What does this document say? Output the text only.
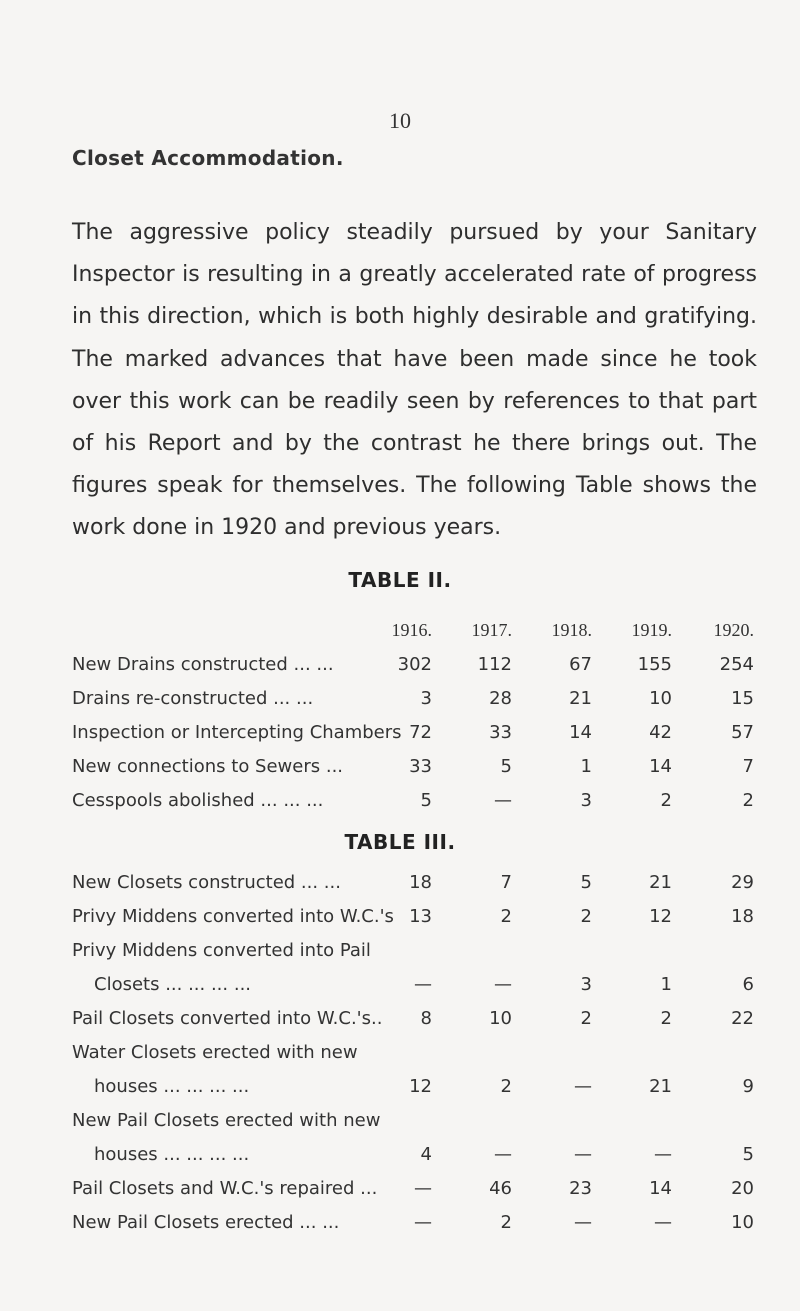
10
Closet Accommodation.

The aggressive policy steadily pursued by your Sanitary Inspector is resulting in a greatly accelerated rate of progress in this direction, which is both highly desirable and gratifying. The marked advances that have been made since he took over this work can be readily seen by references to that part of his Report and by the contrast he there brings out. The figures speak for themselves. The following Table shows the work done in 1920 and previous years.

TABLE II.
1916.	1917.	1918.	1919.	1920.
New Drains constructed ... ...	302	112	67	155	254
Drains re-constructed ... ...	3	28	21	10	15
Inspection or Intercepting Chambers 72	33	14	42	57
New connections to Sewers ...	33	5	1	14	7
Cesspools abolished ... ... ...	5	—	3	2	2
TABLE III.
New Closets constructed ... ...	18	7	5	21	29
Privy Middens converted into W.C.'s 13	2	2	12	18
Privy Middens converted into Pail
Closets ... ... ... ...	—	—	3	1	6
Pail Closets converted into W.C.'s..	8	10	2	2	22
Water Closets erected with new
houses ... ... ... ...	12	2	—	21	9
New Pail Closets erected with new
houses ... ... ... ...	4	—	—	—	5
Pail Closets and W.C.'s repaired ...	—	46	23	14	20
New Pail Closets erected ... ...	—	2	—	—	10
